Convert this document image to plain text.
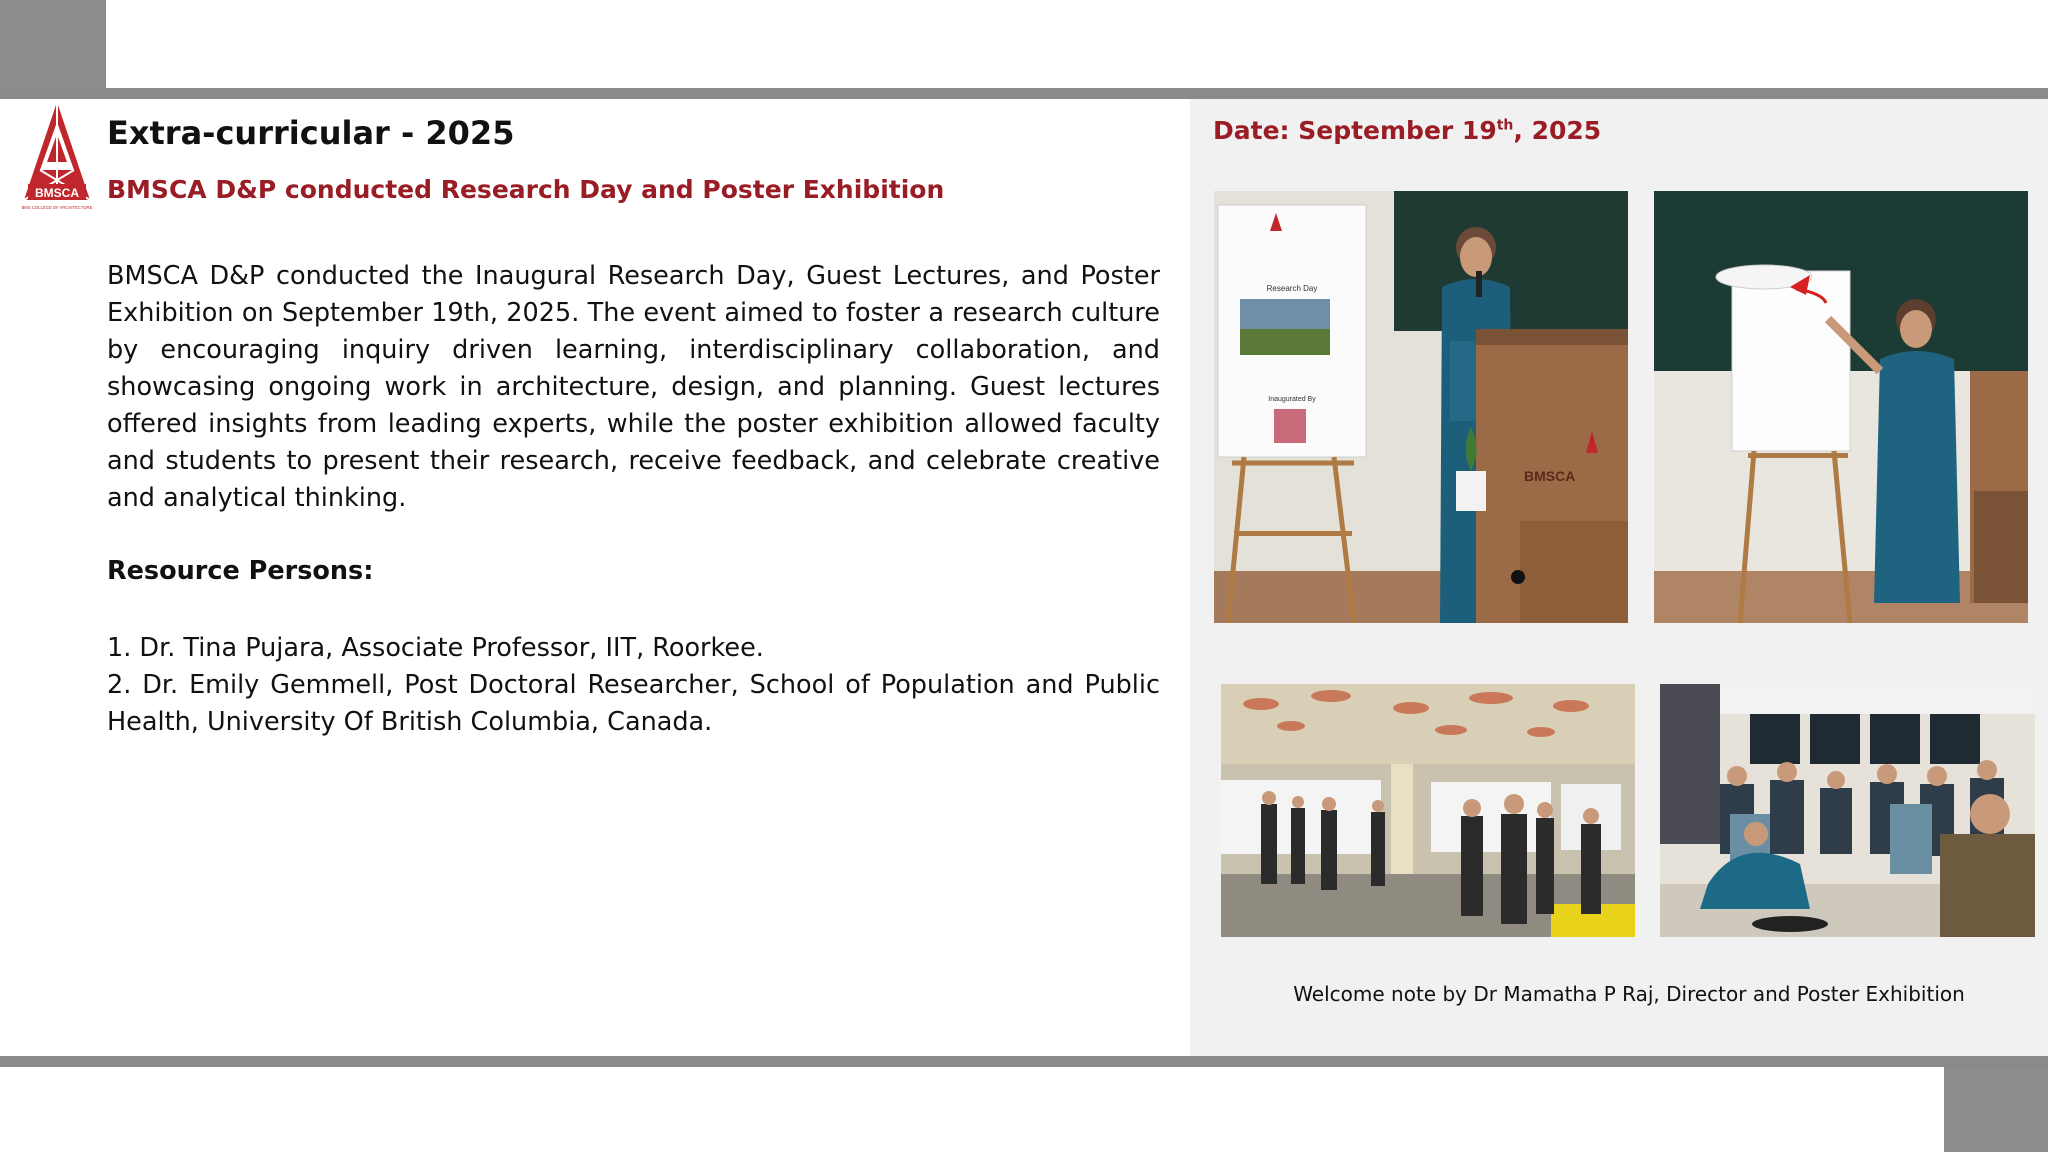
BMSCA
BMS COLLEGE OF ARCHITECTURE
Extra-curricular - 2025
BMSCA D&P conducted Research Day and Poster Exhibition
Date: September 19th, 2025

BMSCA D&P conducted the Inaugural Research Day, Guest Lectures, and Poster Exhibition on September 19th, 2025. The event aimed to foster a research culture by encouraging inquiry driven learning, interdisciplinary collaboration, and showcasing ongoing work in architecture, design, and planning. Guest lectures offered insights from leading experts, while the poster exhibition allowed faculty and students to present their research, receive feedback, and celebrate creative and analytical thinking.

Resource Persons:

1. Dr. Tina Pujara, Associate Professor, IIT, Roorkee.

2. Dr. Emily Gemmell, Post Doctoral Researcher, School of Population and Public Health, University Of British Columbia, Canada.

Research Day
Inaugurated By
BMSCA
Welcome note by Dr Mamatha P Raj, Director and Poster Exhibition
